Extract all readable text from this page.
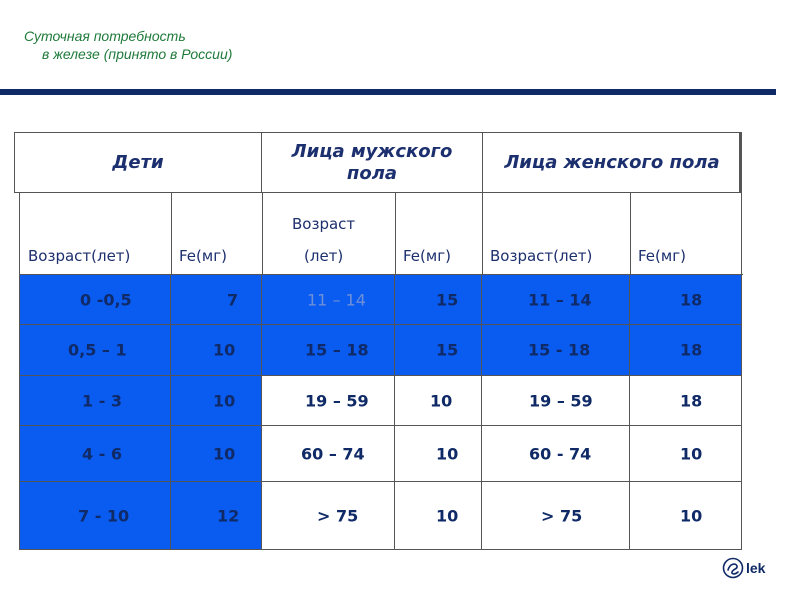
Суточная потребность
в железе (принято в России)
Дети
Лица мужского пола
Лица женского пола
Возраст(лет)	Fe(мг)
Возраст
(лет)	Fe(мг)	Возраст(лет)	Fe(мг)
0 -0,5	7	11 – 14	15	11 – 14	18
0,5 – 1	10	15 – 18	15	15 - 18	18
1 - 3	10	19 – 59	10	19 – 59	18
4 - 6	10	60 – 74	10	60 - 74	10
7 - 10	12	> 75	10	> 75	10
lek
